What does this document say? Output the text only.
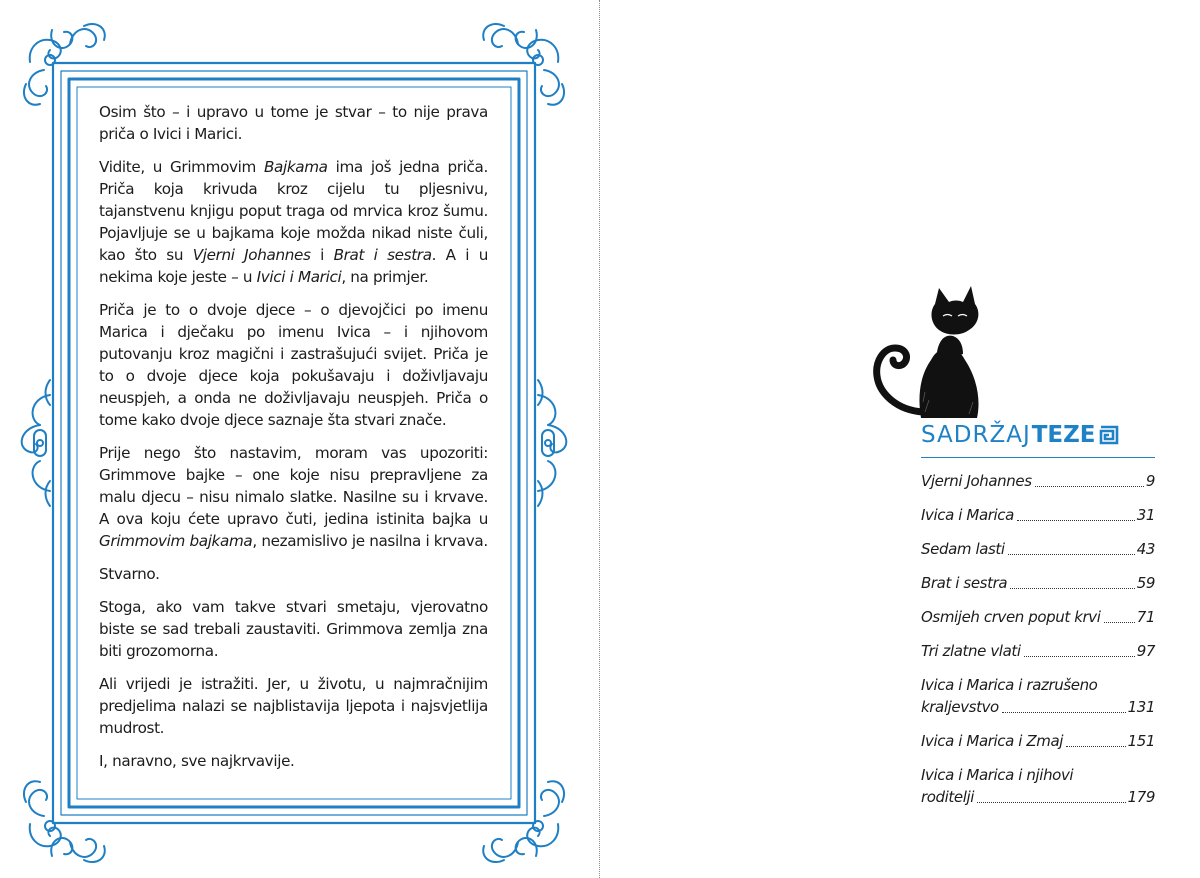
Osim što – i upravo u tome je stvar – to nije prava priča o Ivici i Marici.

Vidite, u Grimmovim Bajkama ima još jedna priča. Priča koja krivuda kroz cijelu tu pljesnivu, tajanstvenu knjigu poput traga od mrvica kroz šumu. Pojavljuje se u bajkama koje možda nikad niste čuli, kao što su Vjerni Johannes i Brat i sestra. A i u nekima koje jeste – u Ivici i Marici, na primjer.

Priča je to o dvoje djece – o djevojčici po imenu Marica i dječaku po imenu Ivica – i njihovom putovanju kroz magični i zastrašujući svijet. Priča je to o dvoje djece koja pokušavaju i doživljavaju neuspjeh, a onda ne doživljavaju neuspjeh. Priča o tome kako dvoje djece saznaje šta stvari znače.

Prije nego što nastavim, moram vas upozoriti: Grimmove bajke – one koje nisu prepravljene za malu djecu – nisu nimalo slatke. Nasilne su i krvave. A ova koju ćete upravo čuti, jedina istinita bajka u Grimmovim bajkama, nezamislivo je nasilna i krvava.

Stvarno.

Stoga, ako vam takve stvari smetaju, vjerovatno biste se sad trebali zaustaviti. Grimmova zemlja zna biti grozomorna.

Ali vrijedi je istražiti. Jer, u životu, u najmračnijim predjelima nalazi se najblistavija ljepota i najsvjetlija mudrost.

I, naravno, sve najkrvavije.

SADRŽAJ TEZE
Vjerni Johannes	9
Ivica i Marica	31
Sedam lasti	43
Brat i sestra	59
Osmijeh crven poput krvi 71
Tri zlatne vlati	97
Ivica i Marica i razrušeno
kraljevstvo	131
Ivica i Marica i Zmaj	151
Ivica i Marica i njihovi
roditelji	179
